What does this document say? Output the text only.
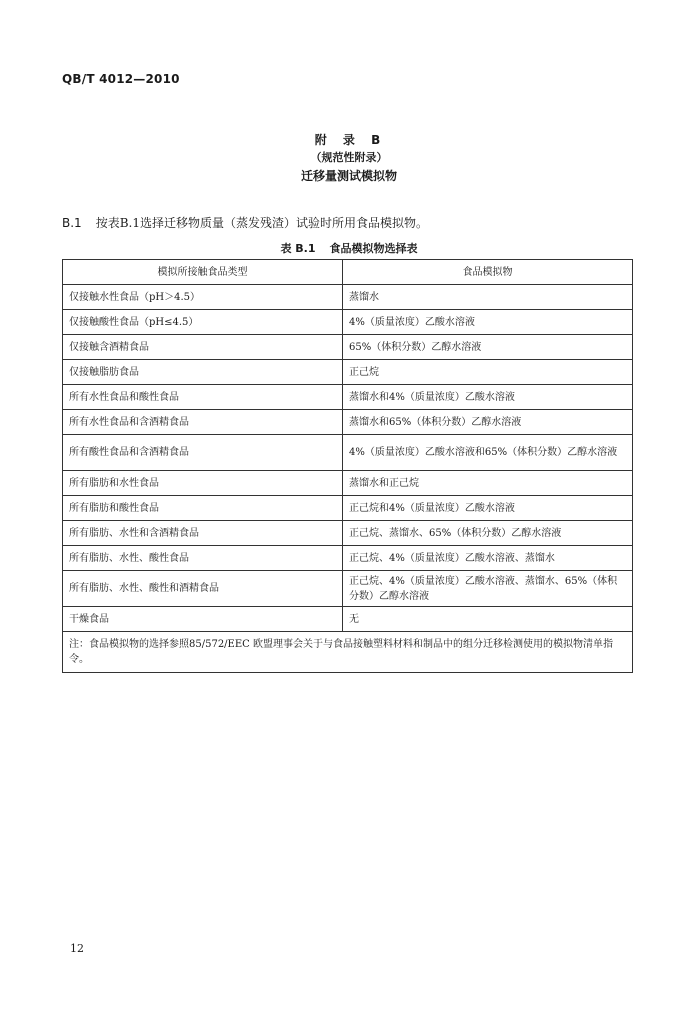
QB/T 4012—2010
附 录 B
（规范性附录）
迁移量测试模拟物
B.1 按表B.1选择迁移物质量（蒸发残渣）试验时所用食品模拟物。
表 B.1 食品模拟物选择表
模拟所接触食品类型	食品模拟物
仅接触水性食品（pH＞4.5）	蒸馏水
仅接触酸性食品（pH≤4.5）	4%（质量浓度）乙酸水溶液
仅接触含酒精食品	65%（体积分数）乙醇水溶液
仅接触脂肪食品	正己烷
所有水性食品和酸性食品	蒸馏水和4%（质量浓度）乙酸水溶液
所有水性食品和含酒精食品	蒸馏水和65%（体积分数）乙醇水溶液
所有酸性食品和含酒精食品	4%（质量浓度）乙酸水溶液和65%（体积分数）乙醇水溶液
所有脂肪和水性食品	蒸馏水和正己烷
所有脂肪和酸性食品	正己烷和4%（质量浓度）乙酸水溶液
所有脂肪、水性和含酒精食品	正己烷、蒸馏水、65%（体积分数）乙醇水溶液
所有脂肪、水性、酸性食品	正己烷、4%（质量浓度）乙酸水溶液、蒸馏水
所有脂肪、水性、酸性和酒精食品	正己烷、4%（质量浓度）乙酸水溶液、蒸馏水、65%（体积分数）乙醇水溶液
干燥食品	无
注：食品模拟物的选择参照85/572/EEC 欧盟理事会关于与食品接触塑料材料和制品中的组分迁移检测使用的模拟物清单指令。	
12
